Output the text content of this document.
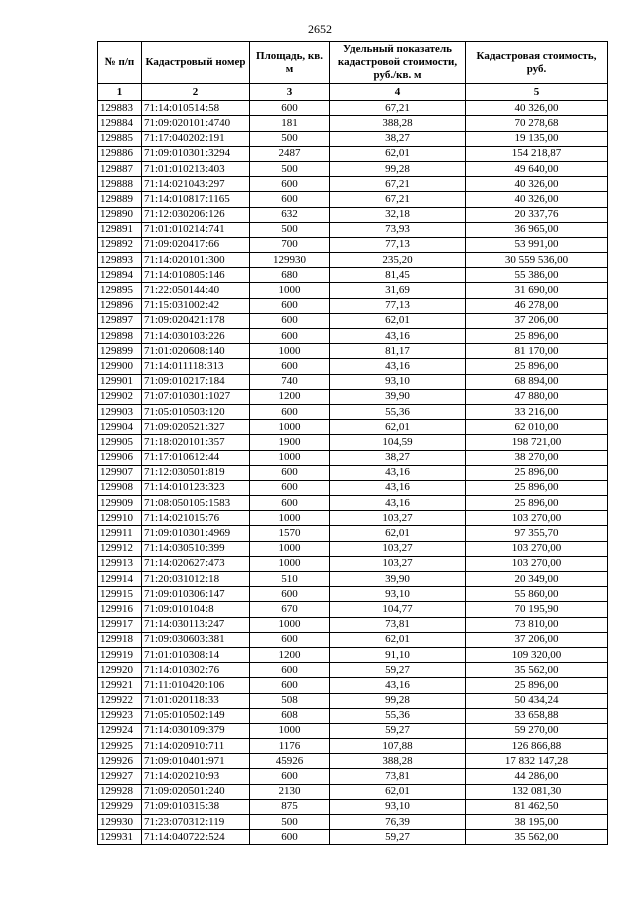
2652
№ п/п	Кадастровый номер	Площадь, кв. м	Удельный показатель кадастровой стоимости, руб./кв. м	Кадастровая стоимость, руб.
1	2	3	4	5
129883	71:14:010514:58	600	67,21	40 326,00
129884	71:09:020101:4740	181	388,28	70 278,68
129885	71:17:040202:191	500	38,27	19 135,00
129886	71:09:010301:3294	2487	62,01	154 218,87
129887	71:01:010213:403	500	99,28	49 640,00
129888	71:14:021043:297	600	67,21	40 326,00
129889	71:14:010817:1165	600	67,21	40 326,00
129890	71:12:030206:126	632	32,18	20 337,76
129891	71:01:010214:741	500	73,93	36 965,00
129892	71:09:020417:66	700	77,13	53 991,00
129893	71:14:020101:300	129930	235,20	30 559 536,00
129894	71:14:010805:146	680	81,45	55 386,00
129895	71:22:050144:40	1000	31,69	31 690,00
129896	71:15:031002:42	600	77,13	46 278,00
129897	71:09:020421:178	600	62,01	37 206,00
129898	71:14:030103:226	600	43,16	25 896,00
129899	71:01:020608:140	1000	81,17	81 170,00
129900	71:14:011118:313	600	43,16	25 896,00
129901	71:09:010217:184	740	93,10	68 894,00
129902	71:07:010301:1027	1200	39,90	47 880,00
129903	71:05:010503:120	600	55,36	33 216,00
129904	71:09:020521:327	1000	62,01	62 010,00
129905	71:18:020101:357	1900	104,59	198 721,00
129906	71:17:010612:44	1000	38,27	38 270,00
129907	71:12:030501:819	600	43,16	25 896,00
129908	71:14:010123:323	600	43,16	25 896,00
129909	71:08:050105:1583	600	43,16	25 896,00
129910	71:14:021015:76	1000	103,27	103 270,00
129911	71:09:010301:4969	1570	62,01	97 355,70
129912	71:14:030510:399	1000	103,27	103 270,00
129913	71:14:020627:473	1000	103,27	103 270,00
129914	71:20:031012:18	510	39,90	20 349,00
129915	71:09:010306:147	600	93,10	55 860,00
129916	71:09:010104:8	670	104,77	70 195,90
129917	71:14:030113:247	1000	73,81	73 810,00
129918	71:09:030603:381	600	62,01	37 206,00
129919	71:01:010308:14	1200	91,10	109 320,00
129920	71:14:010302:76	600	59,27	35 562,00
129921	71:11:010420:106	600	43,16	25 896,00
129922	71:01:020118:33	508	99,28	50 434,24
129923	71:05:010502:149	608	55,36	33 658,88
129924	71:14:030109:379	1000	59,27	59 270,00
129925	71:14:020910:711	1176	107,88	126 866,88
129926	71:09:010401:971	45926	388,28	17 832 147,28
129927	71:14:020210:93	600	73,81	44 286,00
129928	71:09:020501:240	2130	62,01	132 081,30
129929	71:09:010315:38	875	93,10	81 462,50
129930	71:23:070312:119	500	76,39	38 195,00
129931	71:14:040722:524	600	59,27	35 562,00
